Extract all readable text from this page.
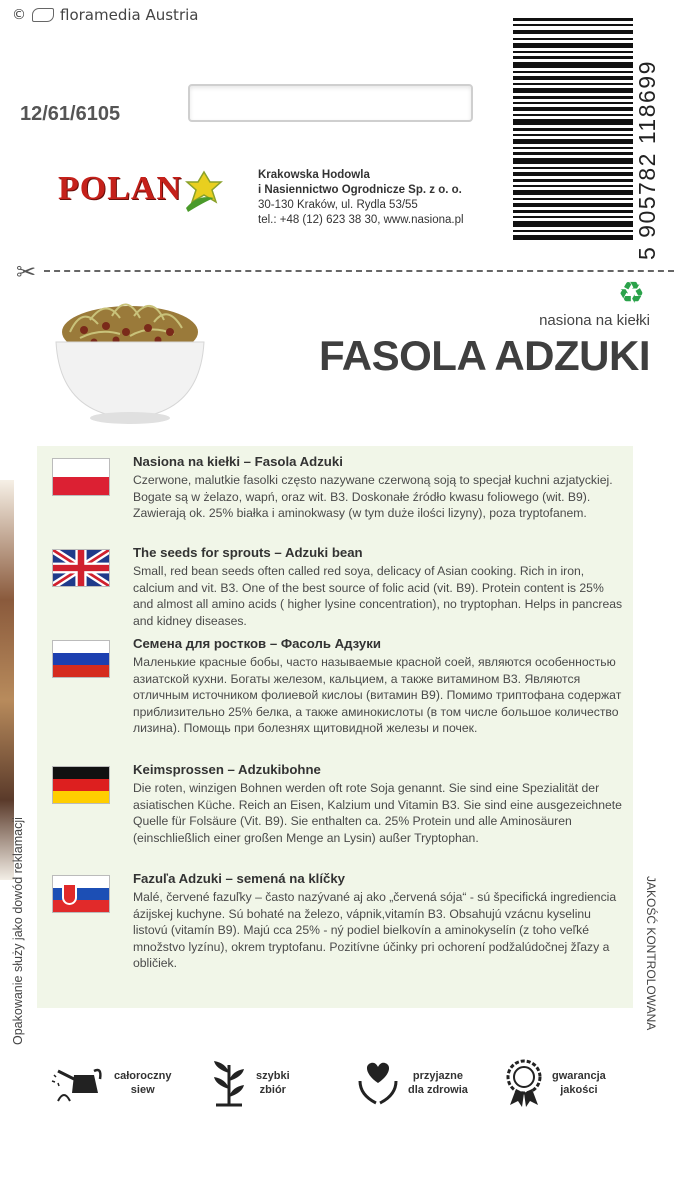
© floramedia Austria
12/61/6105	5 905782 118699
POLAN	Krakowska Hodowla
i Nasiennictwo Ogrodnicze Sp. z o. o.
30-130 Kraków, ul. Rydla 53/55
tel.: +48 (12) 623 38 30, www.nasiona.pl
✂
♻
nasiona na kiełki
FASOLA ADZUKI
Nasiona na kiełki – Fasola Adzuki
Czerwone, malutkie fasolki często nazywane czerwoną soją to specjał kuchni azjatyckiej. Bogate są w żelazo, wapń, oraz wit. B3. Doskonałe źródło kwasu foliowego (wit. B9). Zawierają ok. 25% białka i aminokwasy (w tym duże ilości lizyny), poza tryptofanem.
The seeds for sprouts – Adzuki bean
Small, red bean seeds often called red soya, delicacy of Asian cooking. Rich in iron, calcium and vit. B3. One of the best source of folic acid (vit. B9). Protein content is 25% and almost all amino acids ( higher lysine concentration), no tryptophan. Helps in pancreas and kidney diseases.
Семена для ростков – Фасоль Адзуки
Маленькие красные бобы, часто называемые красной соей, являются особенностью азиатской кухни. Богаты железом, кальцием, а также витамином B3. Являются отличным источником фолиевой кислоы (витамин B9). Помимо триптофана содержат приблизительно 25% белка, а также аминокислоты (в том числе большое количество лизина). Помощь при болезнях щитовидной железы и почек.
Keimsprossen – Adzukibohne
Die roten, winzigen Bohnen werden oft rote Soja genannt. Sie sind eine Spezialität der asiatischen Küche. Reich an Eisen, Kalzium und Vitamin B3. Sie sind eine ausgezeichnete Quelle für Folsäure (Vit. B9). Sie enthalten ca. 25% Protein und alle Aminosäuren (einschließlich einer großen Menge an Lysin) außer Tryptophan.
Fazuľa Adzuki – semená na klíčky
Malé, červené fazuľky – často nazývané aj ako „červená sója“ - sú špecifická ingrediencia ázijskej kuchyne. Sú bohaté na železo, vápnik,vitamín B3. Obsahujú vzácnu kyselinu listovú (vitamín B9). Majú cca 25% - ný podiel bielkovín a aminokyselín (z toho veľké množstvo lyzínu), okrem tryptofanu. Pozitívne účinky pri ochorení podžalúdočnej žľazy a obličiek.
Opakowanie służy jako dowód reklamacji	JAKOŚĆ KONTROLOWANA
całoroczny
siew
szybki
zbiór
przyjazne
dla zdrowia
gwarancja
jakości
